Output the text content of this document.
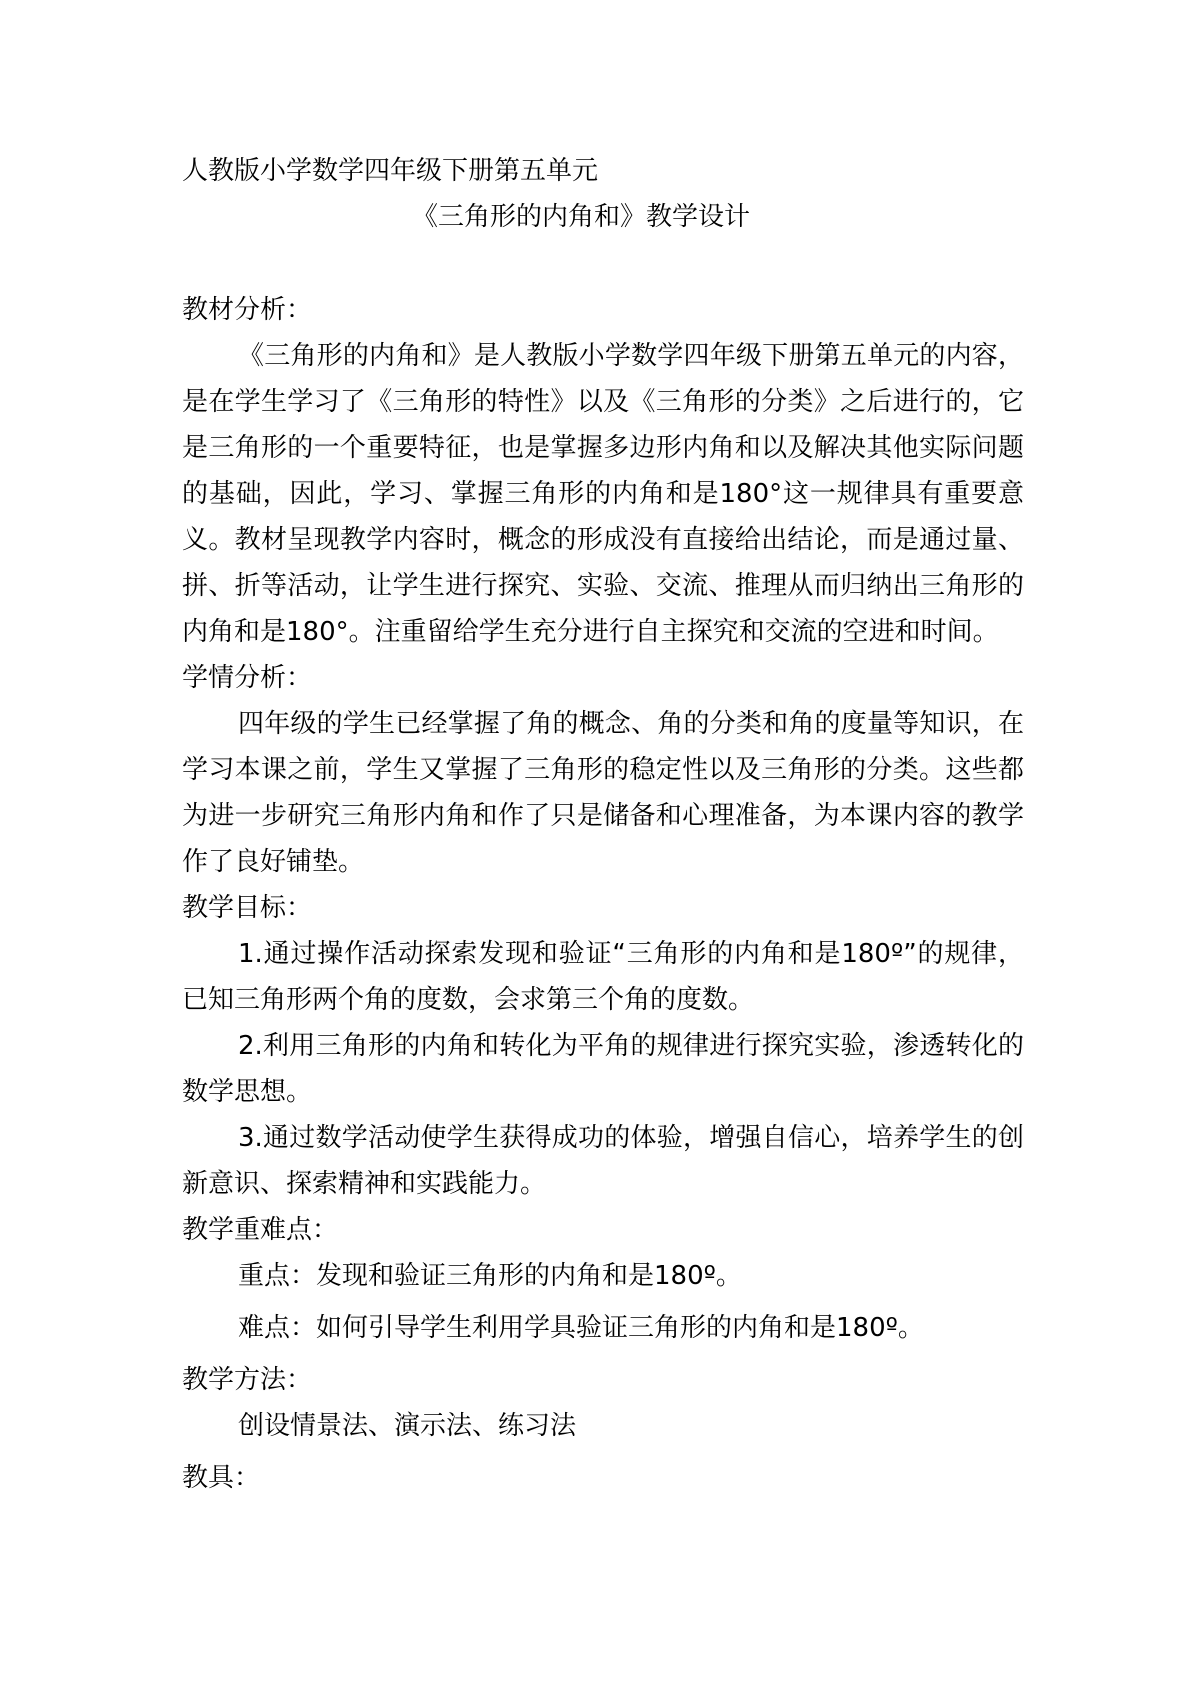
人教版小学数学四年级下册第五单元
《三角形的内角和》教学设计
教材分析：

《三角形的内角和》是人教版小学数学四年级下册第五单元的内容，是在学生学习了《三角形的特性》以及《三角形的分类》之后进行的，它是三角形的一个重要特征，也是掌握多边形内角和以及解决其他实际问题的基础，因此，学习、掌握三角形的内角和是180°这一规律具有重要意义。教材呈现教学内容时，概念的形成没有直接给出结论，而是通过量、拼、折等活动，让学生进行探究、实验、交流、推理从而归纳出三角形的内角和是180°。注重留给学生充分进行自主探究和交流的空进和时间。

学情分析：

四年级的学生已经掌握了角的概念、角的分类和角的度量等知识，在学习本课之前，学生又掌握了三角形的稳定性以及三角形的分类。这些都为进一步研究三角形内角和作了只是储备和心理准备，为本课内容的教学作了良好铺垫。

教学目标：

1.通过操作活动探索发现和验证“三角形的内角和是180º”的规律，已知三角形两个角的度数，会求第三个角的度数。

2.利用三角形的内角和转化为平角的规律进行探究实验，渗透转化的数学思想。

3.通过数学活动使学生获得成功的体验，增强自信心，培养学生的创新意识、探索精神和实践能力。

教学重难点：

重点：发现和验证三角形的内角和是180º。

难点：如何引导学生利用学具验证三角形的内角和是180º。

教学方法：

创设情景法、演示法、练习法

教具：
